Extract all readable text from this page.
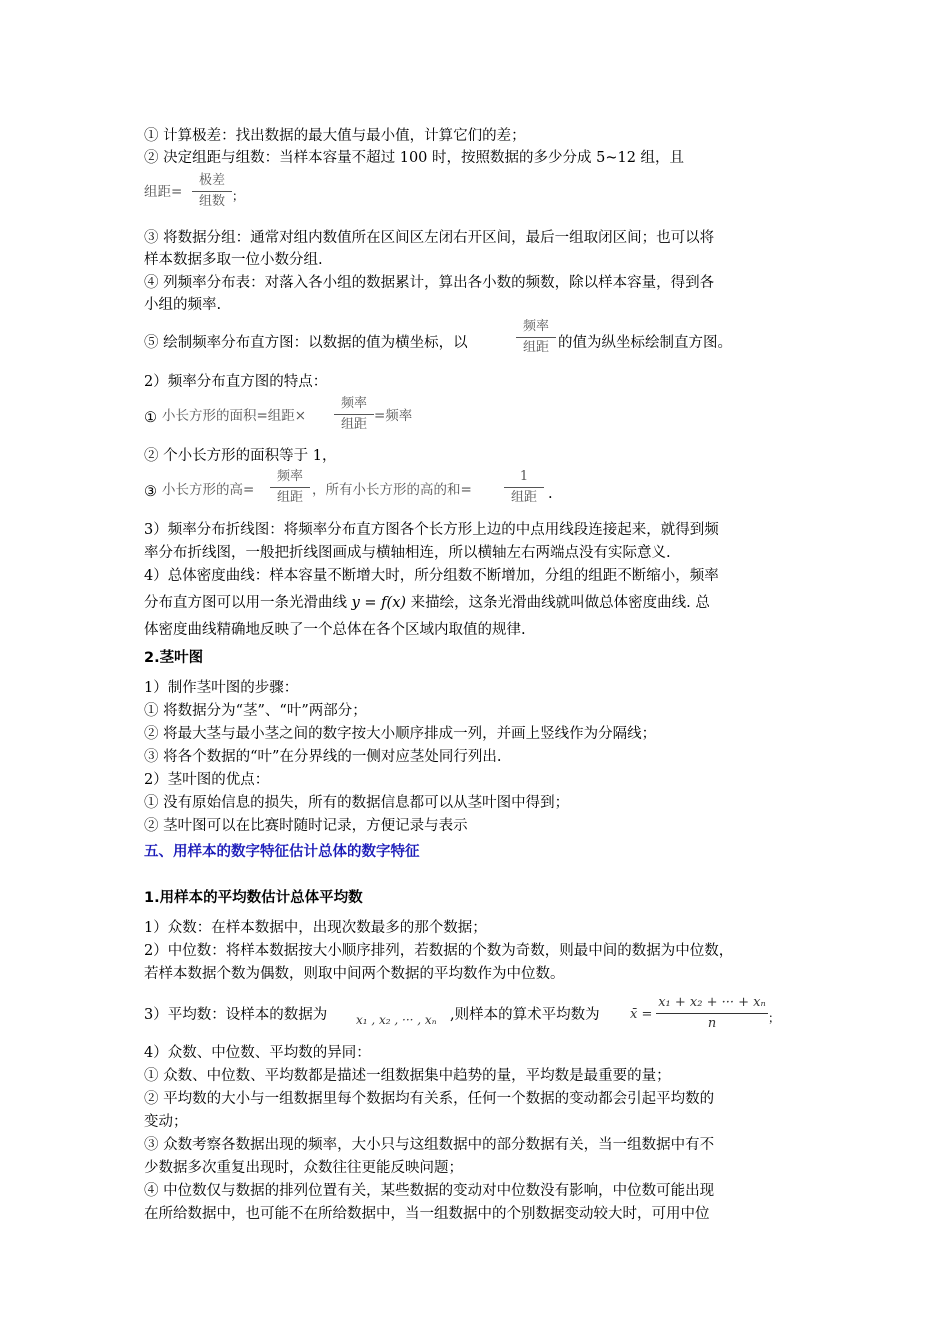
① 计算极差：找出数据的最大值与最小值，计算它们的差；
② 决定组距与组数：当样本容量不超过 100 时，按照数据的多少分成 5~12 组，且
组距=
极差
组数 ；
③ 将数据分组：通常对组内数值所在区间区左闭右开区间，最后一组取闭区间；也可以将
样本数据多取一位小数分组.
④ 列频率分布表：对落入各小组的数据累计，算出各小数的频数，除以样本容量，得到各
小组的频率.
⑤ 绘制频率分布直方图：以数据的值为横坐标，以
频率
组距 的值为纵坐标绘制直方图。
2）频率分布直方图的特点：
① 小长方形的面积=组距×
频率
组距
=频率
② 个小长方形的面积等于 1，
③ 小长方形的高=
频率
组距 ，所有小长方形的高的和=
1
组距 .
3）频率分布折线图：将频率分布直方图各个长方形上边的中点用线段连接起来，就得到频
率分布折线图，一般把折线图画成与横轴相连，所以横轴左右两端点没有实际意义.
4）总体密度曲线：样本容量不断增大时，所分组数不断增加，分组的组距不断缩小，频率
分布直方图可以用一条光滑曲线 y = f(x) 来描绘，这条光滑曲线就叫做总体密度曲线. 总
体密度曲线精确地反映了一个总体在各个区域内取值的规律.
2.茎叶图
1）制作茎叶图的步骤：
① 将数据分为“茎”、“叶”两部分；
② 将最大茎与最小茎之间的数字按大小顺序排成一列，并画上竖线作为分隔线；
③ 将各个数据的“叶”在分界线的一侧对应茎处同行列出.
2）茎叶图的优点：
① 没有原始信息的损失，所有的数据信息都可以从茎叶图中得到；
② 茎叶图可以在比赛时随时记录，方便记录与表示
五、用样本的数字特征估计总体的数字特征
1.用样本的平均数估计总体平均数
1）众数：在样本数据中，出现次数最多的那个数据；
2）中位数：将样本数据按大小顺序排列，若数据的个数为奇数，则最中间的数据为中位数，
若样本数据个数为偶数，则取中间两个数据的平均数作为中位数。
3）平均数：设样本的数据为 x₁ , x₂ , ··· , xₙ ,则样本的算术平均数为 x̄ =
x₁ + x₂ + ··· + xₙ
n	；
4）众数、中位数、平均数的异同：
① 众数、中位数、平均数都是描述一组数据集中趋势的量，平均数是最重要的量；
② 平均数的大小与一组数据里每个数据均有关系，任何一个数据的变动都会引起平均数的
变动；
③ 众数考察各数据出现的频率，大小只与这组数据中的部分数据有关，当一组数据中有不
少数据多次重复出现时，众数往往更能反映问题；
④ 中位数仅与数据的排列位置有关，某些数据的变动对中位数没有影响，中位数可能出现
在所给数据中，也可能不在所给数据中，当一组数据中的个别数据变动较大时，可用中位
